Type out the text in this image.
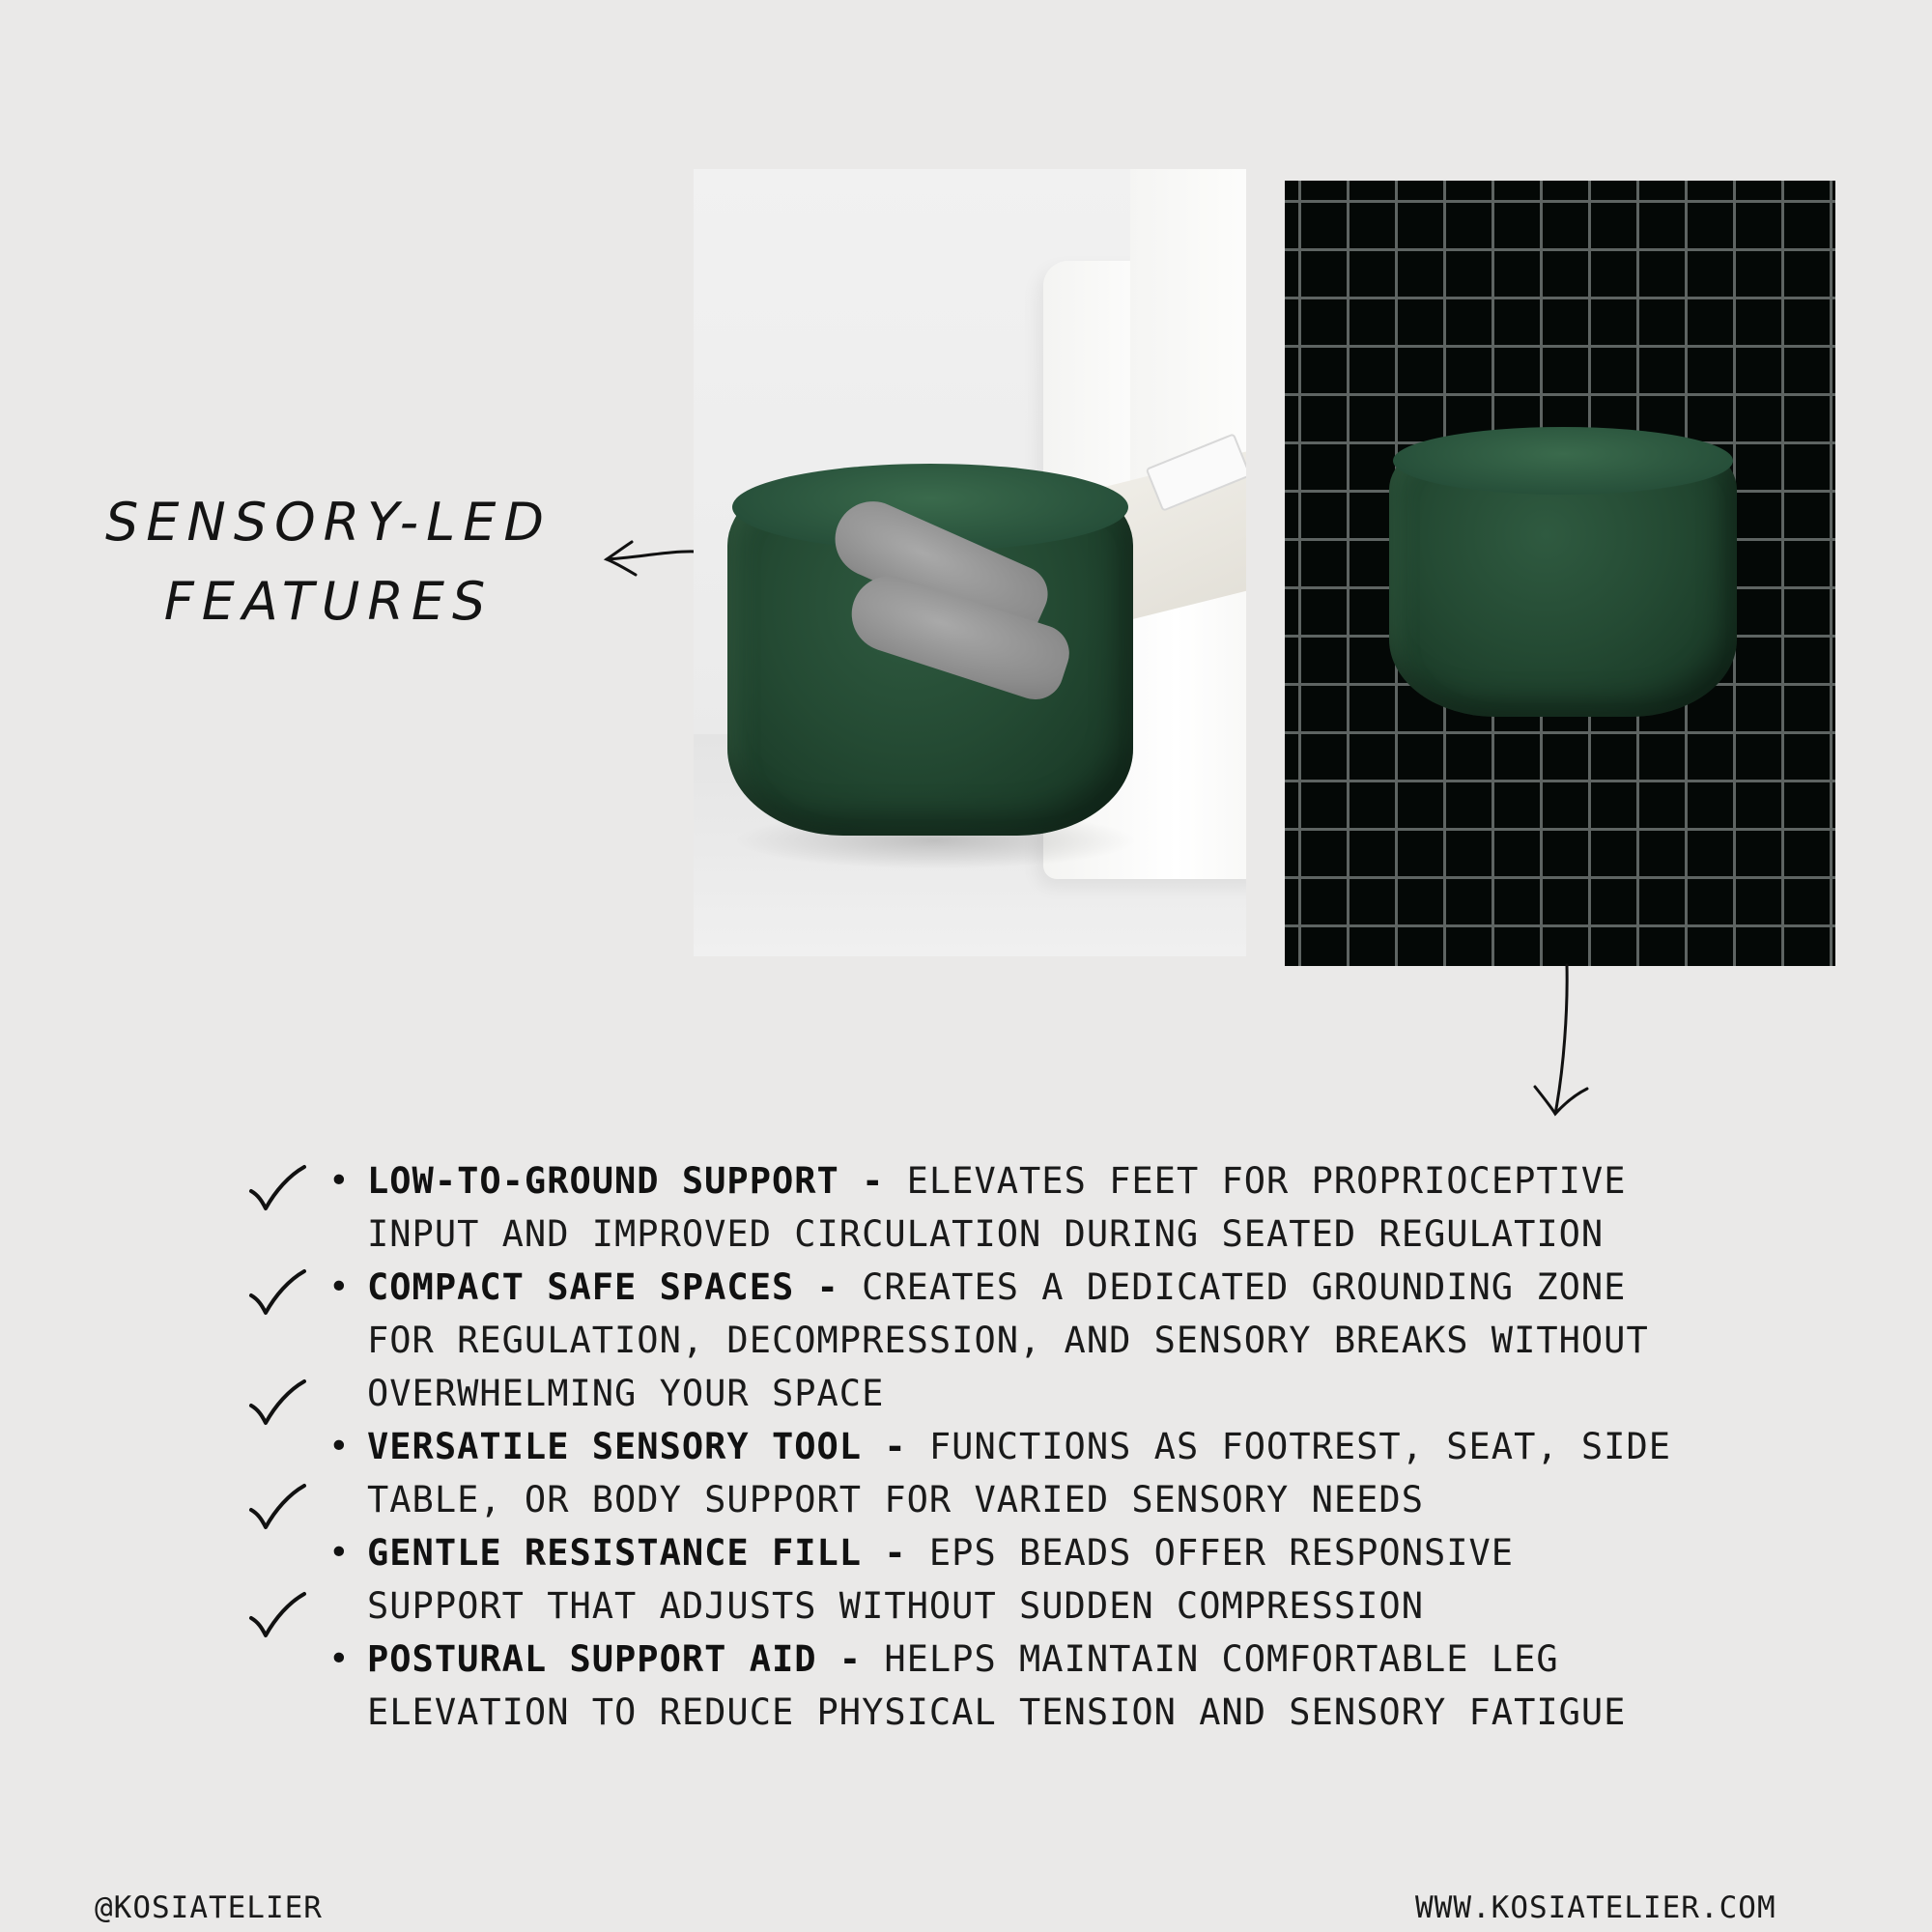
SENSORY-LED
FEATURES
• LOW-TO-GROUND SUPPORT - ELEVATES FEET FOR PROPRIOCEPTIVE INPUT AND IMPROVED CIRCULATION DURING SEATED REGULATION
• COMPACT SAFE SPACES - CREATES A DEDICATED GROUNDING ZONE FOR REGULATION, DECOMPRESSION, AND SENSORY BREAKS WITHOUT OVERWHELMING YOUR SPACE
• VERSATILE SENSORY TOOL - FUNCTIONS AS FOOTREST, SEAT, SIDE TABLE, OR BODY SUPPORT FOR VARIED SENSORY NEEDS
• GENTLE RESISTANCE FILL - EPS BEADS OFFER RESPONSIVE SUPPORT THAT ADJUSTS WITHOUT SUDDEN COMPRESSION
• POSTURAL SUPPORT AID - HELPS MAINTAIN COMFORTABLE LEG ELEVATION TO REDUCE PHYSICAL TENSION AND SENSORY FATIGUE
@KOSIATELIER	WWW.KOSIATELIER.COM
